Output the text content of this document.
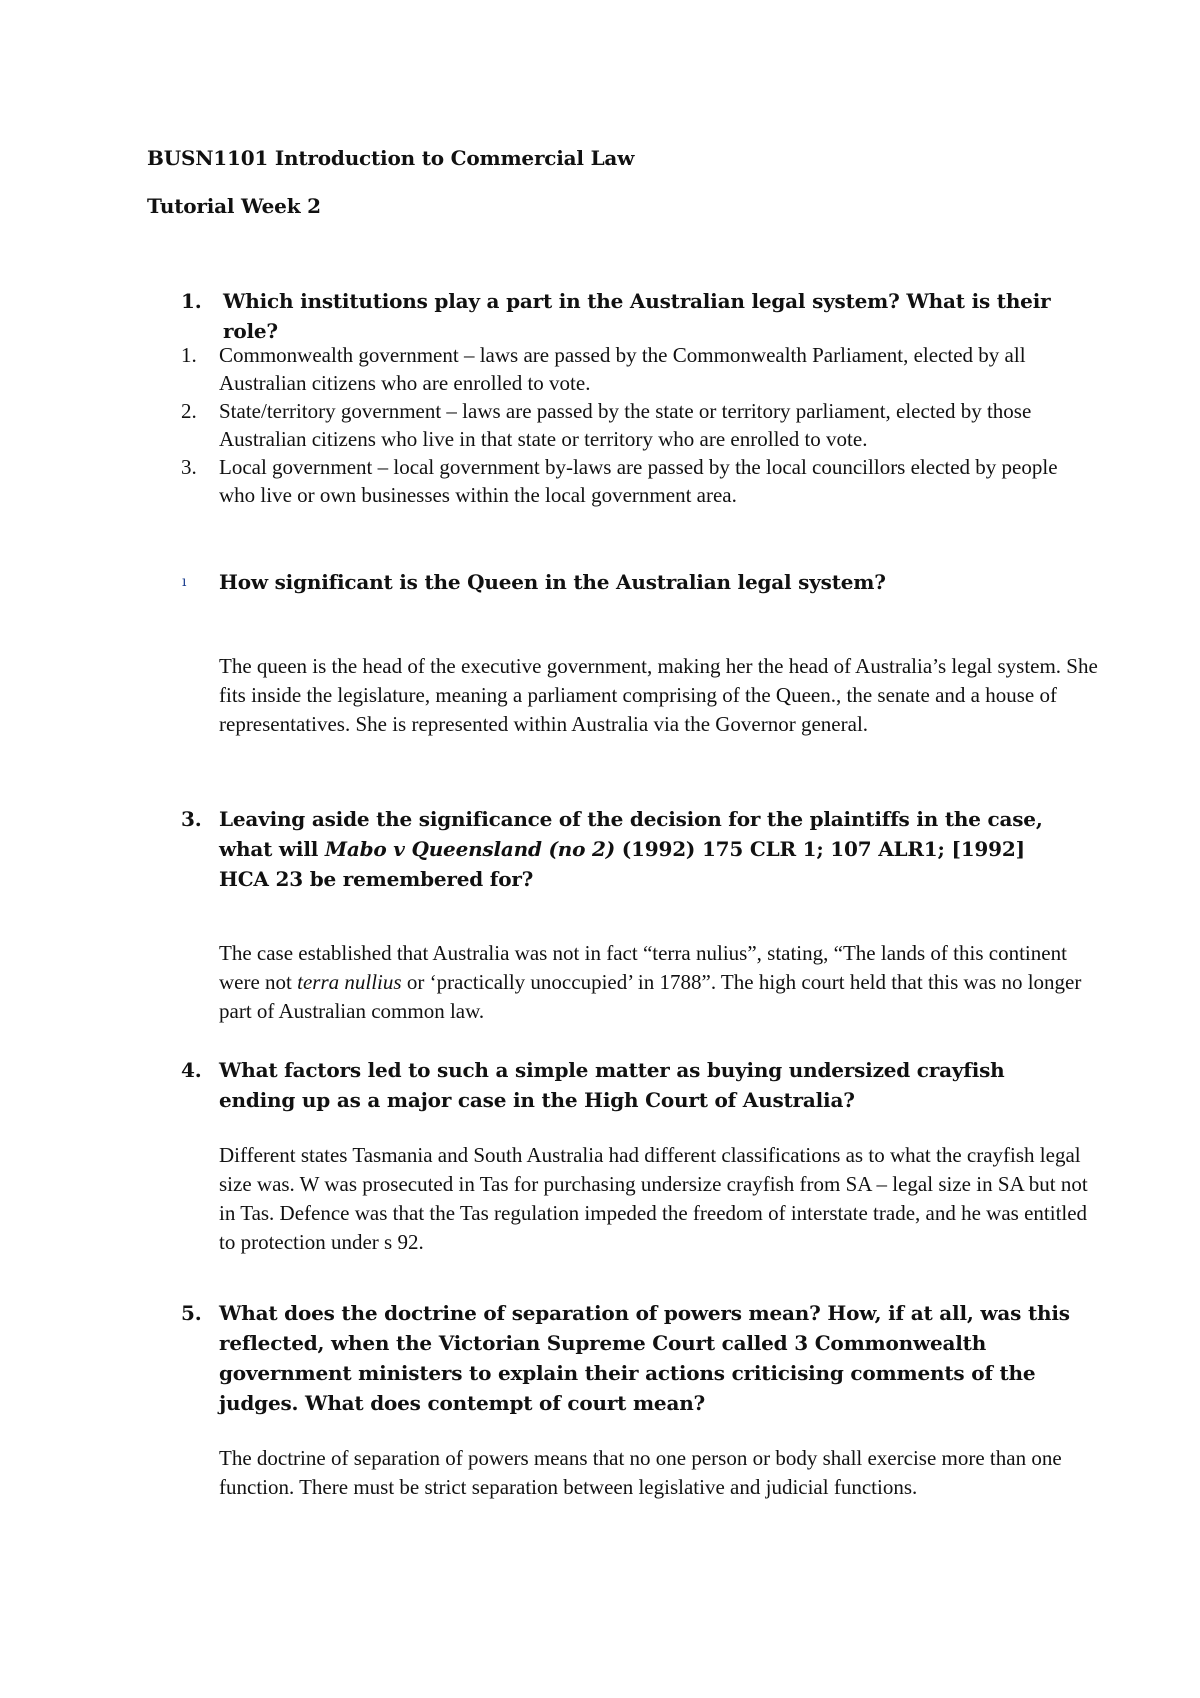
BUSN1101 Introduction to Commercial Law
Tutorial Week 2
1. Which institutions play a part in the Australian legal system? What is their role?
1. Commonwealth government – laws are passed by the Commonwealth Parliament, elected by all Australian citizens who are enrolled to vote.
2. State/territory government – laws are passed by the state or territory parliament, elected by those Australian citizens who live in that state or territory who are enrolled to vote.
3. Local government – local government by-laws are passed by the local councillors elected by people who live or own businesses within the local government area.
ı How significant is the Queen in the Australian legal system?

The queen is the head of the executive government, making her the head of Australia’s legal system. She fits inside the legislature, meaning a parliament comprising of the Queen., the senate and a house of representatives. She is represented within Australia via the Governor general.

3. Leaving aside the significance of the decision for the plaintiffs in the case, what will Mabo v Queensland (no 2) (1992) 175 CLR 1; 107 ALR1; [1992] HCA 23 be remembered for?

The case established that Australia was not in fact “terra nulius”, stating, “The lands of this continent were not terra nullius or ‘practically unoccupied’ in 1788”. The high court held that this was no longer part of Australian common law.

4. What factors led to such a simple matter as buying undersized crayfish ending up as a major case in the High Court of Australia?

Different states Tasmania and South Australia had different classifications as to what the crayfish legal size was. W was prosecuted in Tas for purchasing undersize crayfish from SA – legal size in SA but not in Tas. Defence was that the Tas regulation impeded the freedom of interstate trade, and he was entitled to protection under s 92.

5. What does the doctrine of separation of powers mean? How, if at all, was this reflected, when the Victorian Supreme Court called 3 Commonwealth government ministers to explain their actions criticising comments of the judges. What does contempt of court mean?

The doctrine of separation of powers means that no one person or body shall exercise more than one function. There must be strict separation between legislative and judicial functions.
